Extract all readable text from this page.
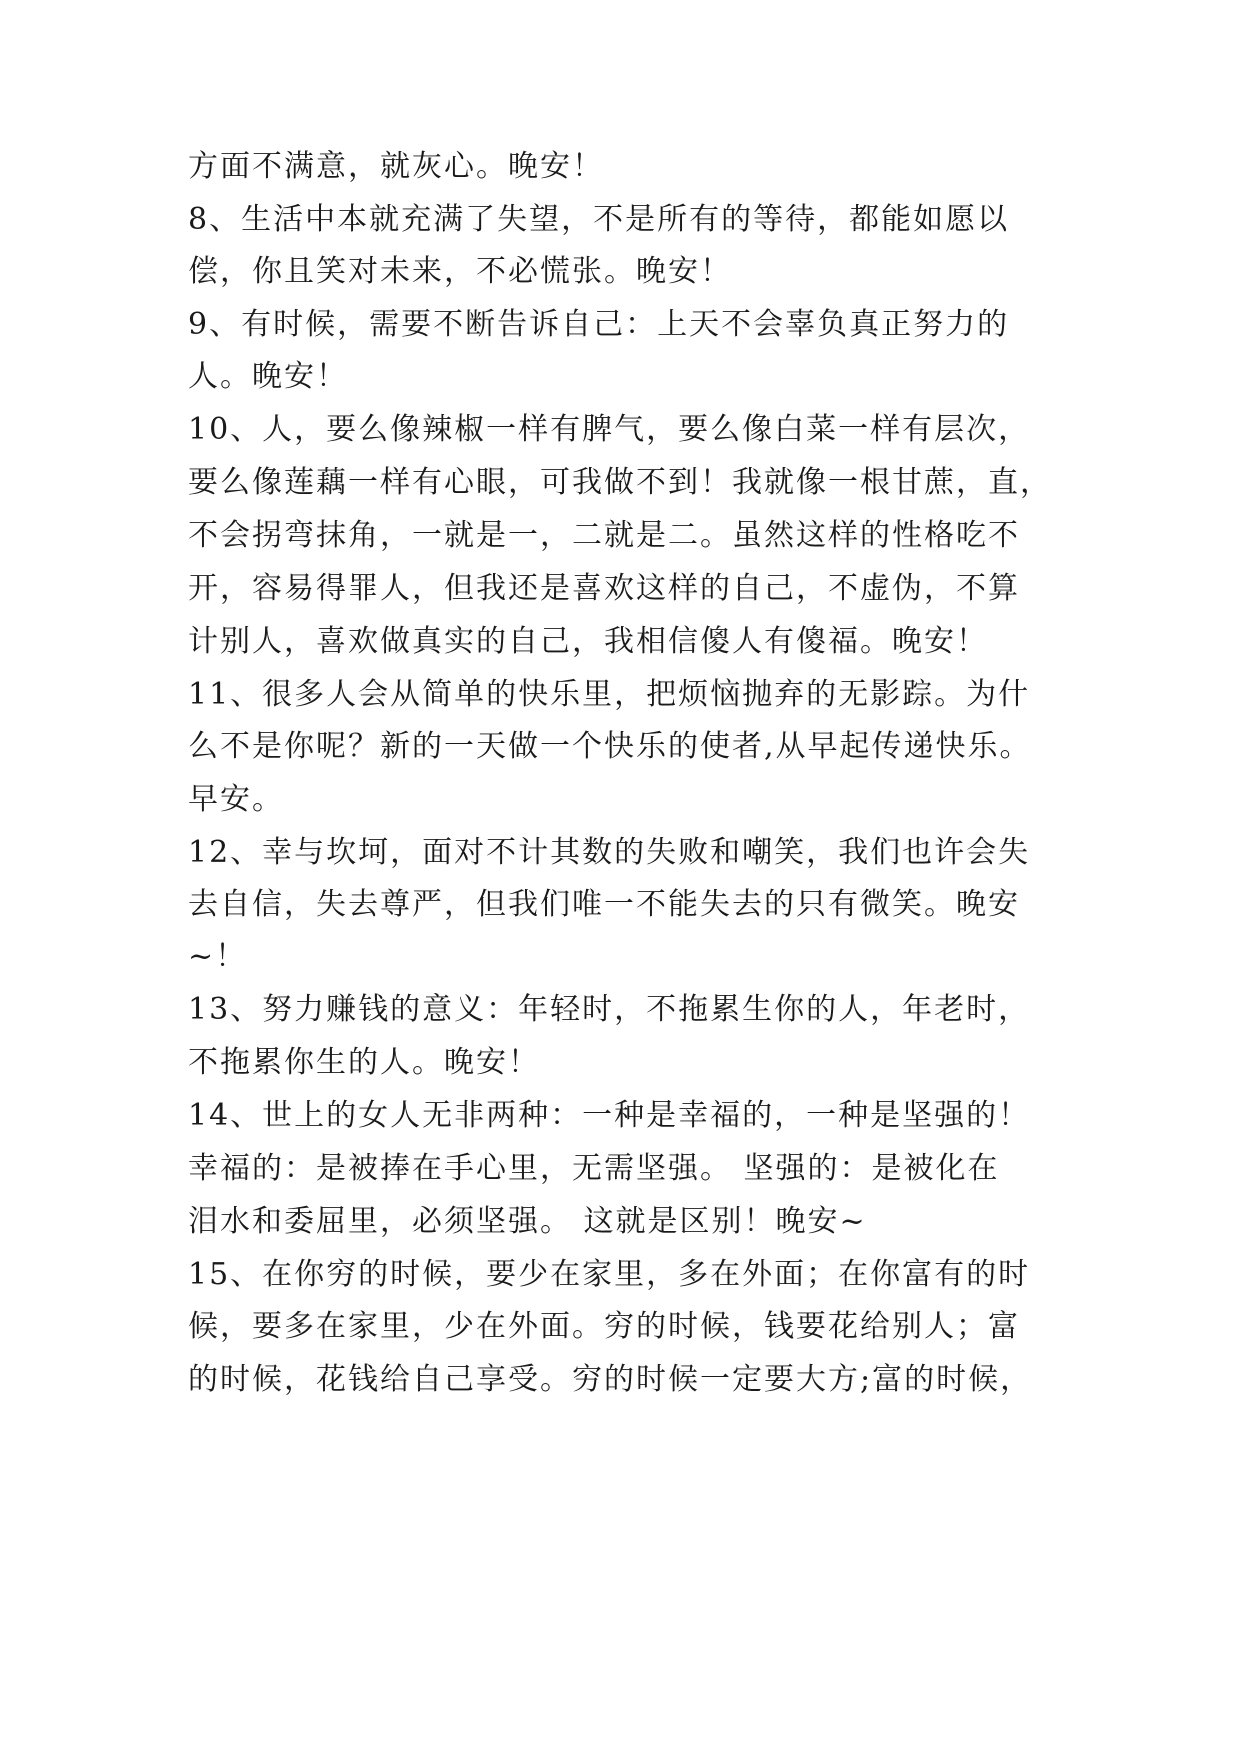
方面不满意，就灰心。晚安！
8、生活中本就充满了失望，不是所有的等待，都能如愿以
偿，你且笑对未来，不必慌张。晚安！
9、有时候，需要不断告诉自己：上天不会辜负真正努力的
人。晚安！
10、人，要么像辣椒一样有脾气，要么像白菜一样有层次，
要么像莲藕一样有心眼，可我做不到！我就像一根甘蔗，直，
不会拐弯抹角，一就是一，二就是二。虽然这样的性格吃不
开，容易得罪人，但我还是喜欢这样的自己，不虚伪，不算
计别人，喜欢做真实的自己，我相信傻人有傻福。晚安！
11、很多人会从简单的快乐里，把烦恼抛弃的无影踪。为什
么不是你呢？新的一天做一个快乐的使者,从早起传递快乐。
早安。
12、幸与坎坷，面对不计其数的失败和嘲笑，我们也许会失
去自信，失去尊严，但我们唯一不能失去的只有微笑。晚安
~！
13、努力赚钱的意义：年轻时，不拖累生你的人，年老时，
不拖累你生的人。晚安！
14、世上的女人无非两种：一种是幸福的，一种是坚强的！
幸福的：是被捧在手心里，无需坚强。 坚强的：是被化在
泪水和委屈里，必须坚强。 这就是区别！晚安~
15、在你穷的时候，要少在家里，多在外面；在你富有的时
候，要多在家里，少在外面。穷的时候，钱要花给别人；富
的时候，花钱给自己享受。穷的时候一定要大方;富的时候，
